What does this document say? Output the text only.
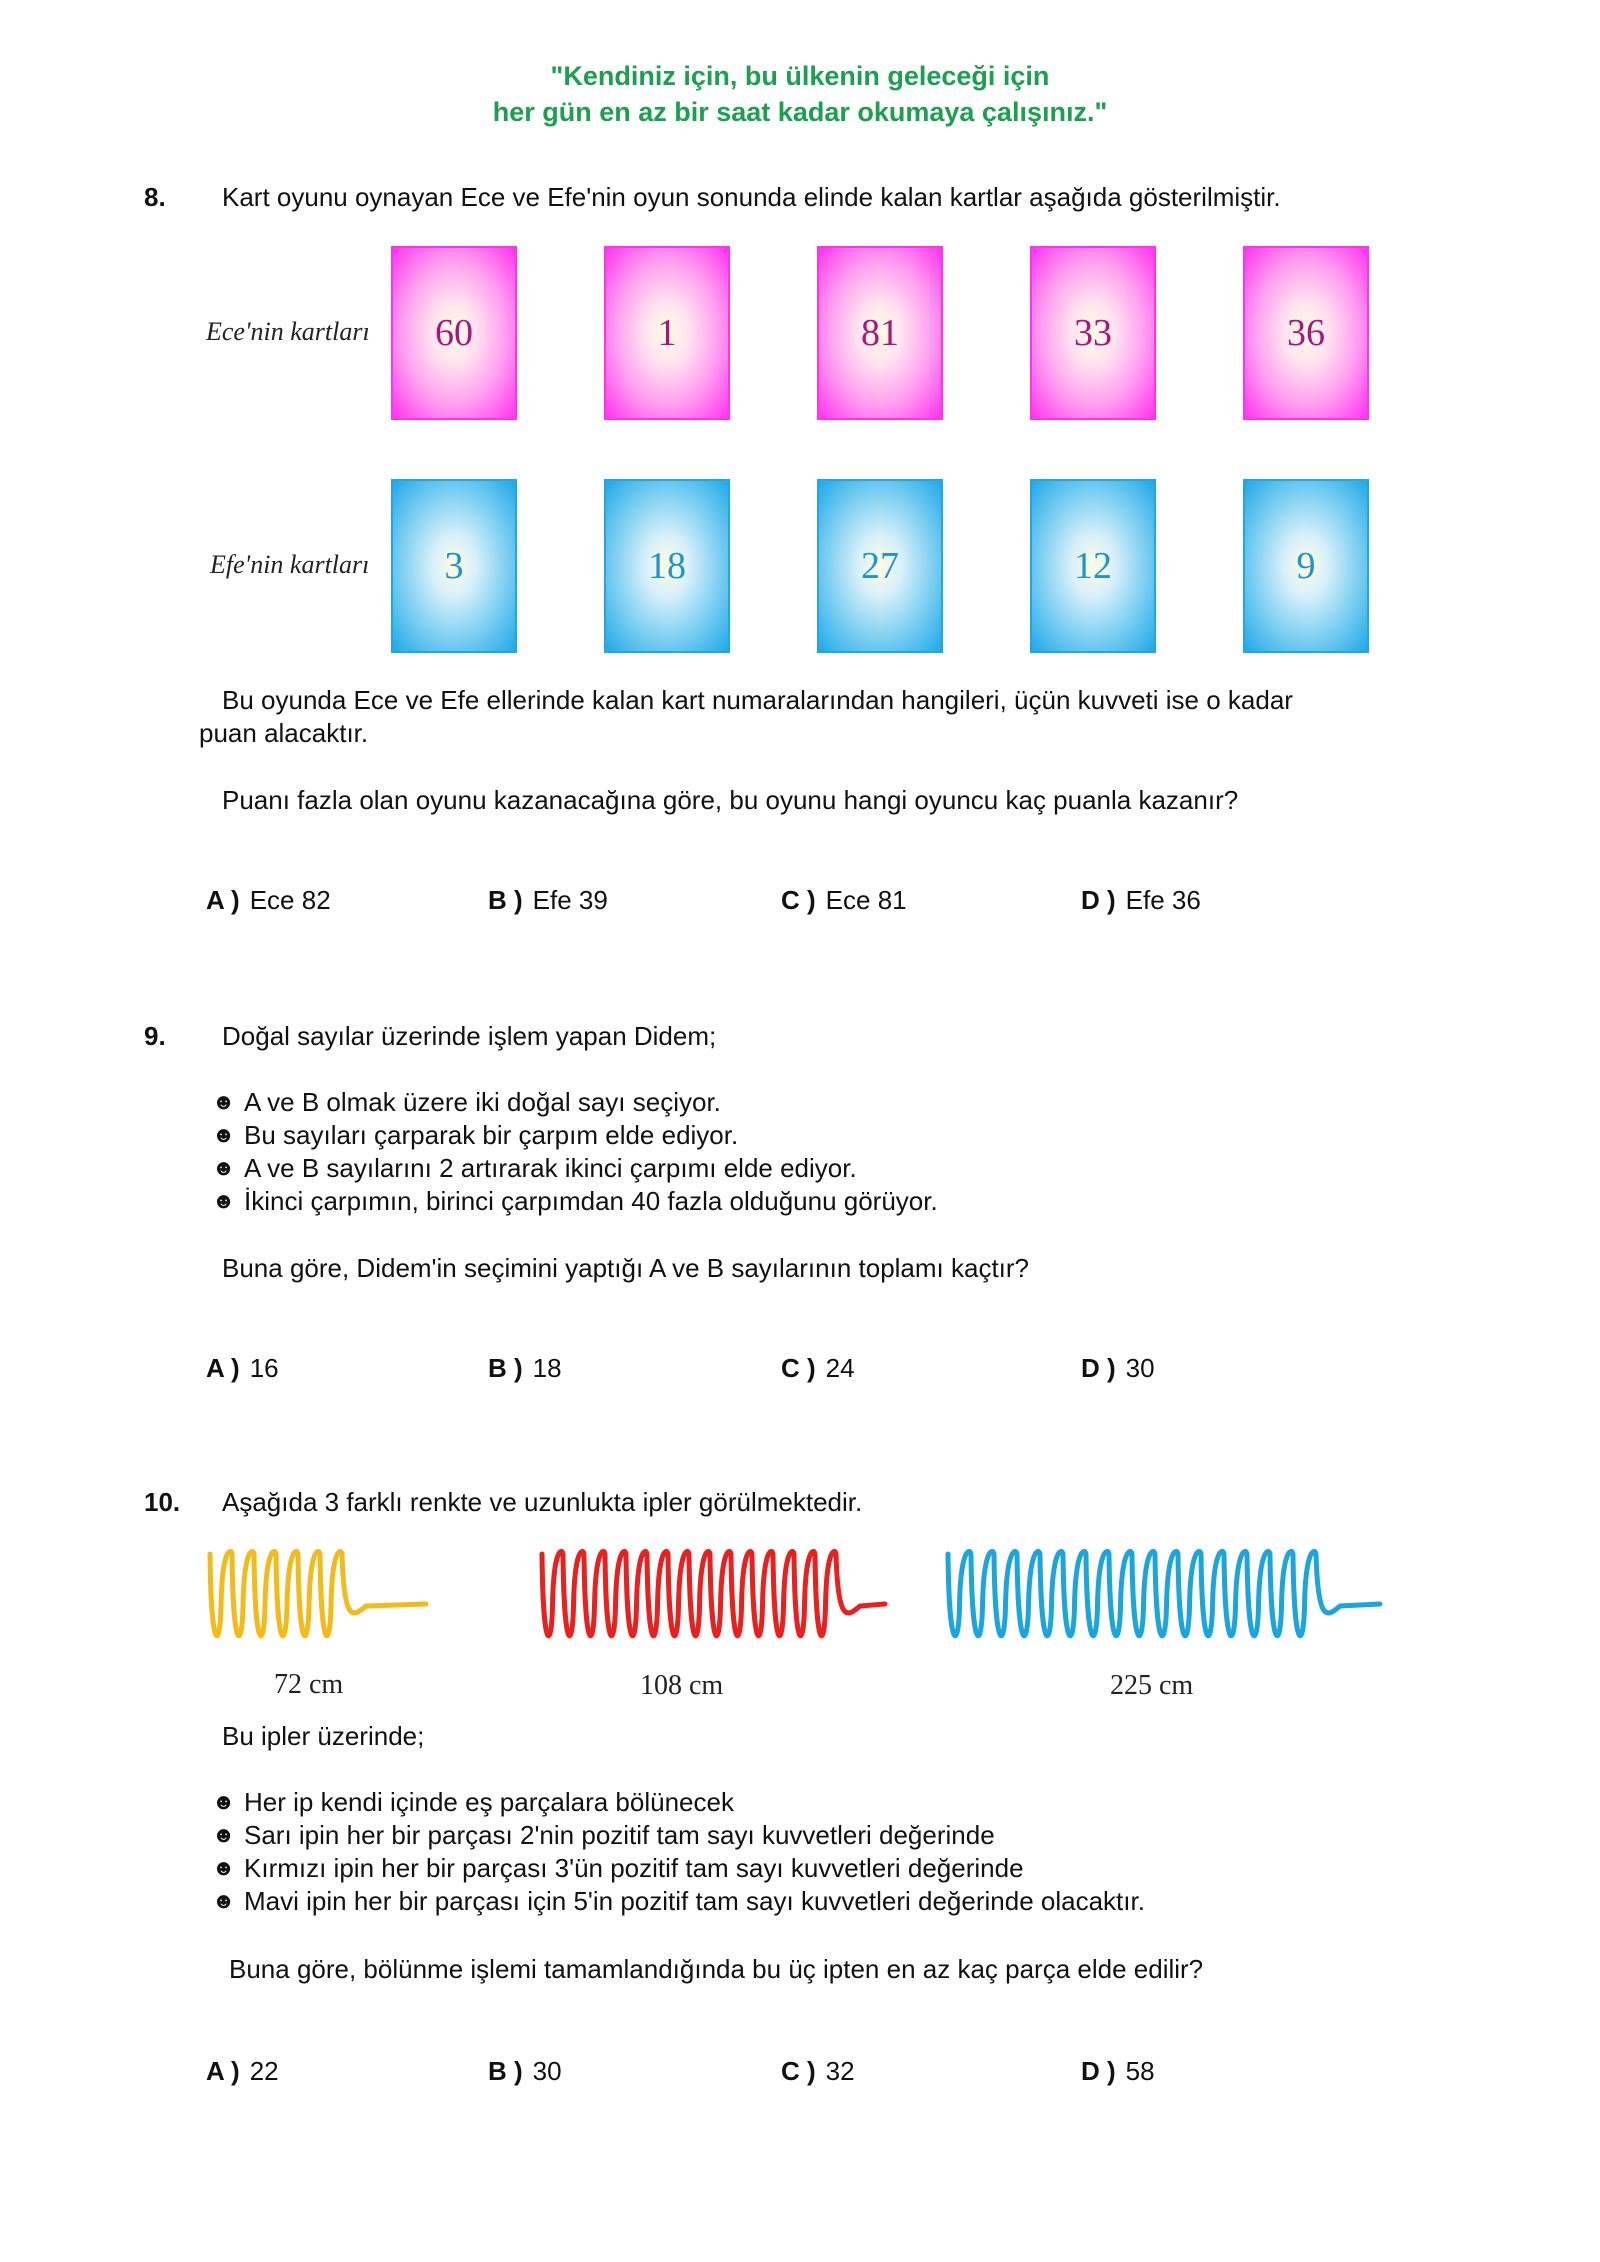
"Kendiniz için, bu ülkenin geleceği için
her gün en az bir saat kadar okumaya çalışınız."
8. Kart oyunu oynayan Ece ve Efe'nin oyun sonunda elinde kalan kartlar aşağıda gösterilmiştir.
Ece'nin kartları
Efe'nin kartları
60	1	81	33	36
3	18	27	12	9
Bu oyunda Ece ve Efe ellerinde kalan kart numaralarından hangileri, üçün kuvveti ise o kadar
puan alacaktır.
Puanı fazla olan oyunu kazanacağına göre, bu oyunu hangi oyuncu kaç puanla kazanır?
A ) Ece 82	B ) Efe 39	C ) Ece 81	D ) Efe 36
9. Doğal sayılar üzerinde işlem yapan Didem;
☻ A ve B olmak üzere iki doğal sayı seçiyor.
☻ Bu sayıları çarparak bir çarpım elde ediyor.
☻ A ve B sayılarını 2 artırarak ikinci çarpımı elde ediyor.
☻ İkinci çarpımın, birinci çarpımdan 40 fazla olduğunu görüyor.
Buna göre, Didem'in seçimini yaptığı A ve B sayılarının toplamı kaçtır?
A ) 16	B ) 18	C ) 24	D ) 30
10. Aşağıda 3 farklı renkte ve uzunlukta ipler görülmektedir.
72 cm	108 cm	225 cm
Bu ipler üzerinde;
☻ Her ip kendi içinde eş parçalara bölünecek
☻ Sarı ipin her bir parçası 2'nin pozitif tam sayı kuvvetleri değerinde
☻ Kırmızı ipin her bir parçası 3'ün pozitif tam sayı kuvvetleri değerinde
☻ Mavi ipin her bir parçası için 5'in pozitif tam sayı kuvvetleri değerinde olacaktır.
Buna göre, bölünme işlemi tamamlandığında bu üç ipten en az kaç parça elde edilir?
A ) 22	B ) 30	C ) 32	D ) 58
